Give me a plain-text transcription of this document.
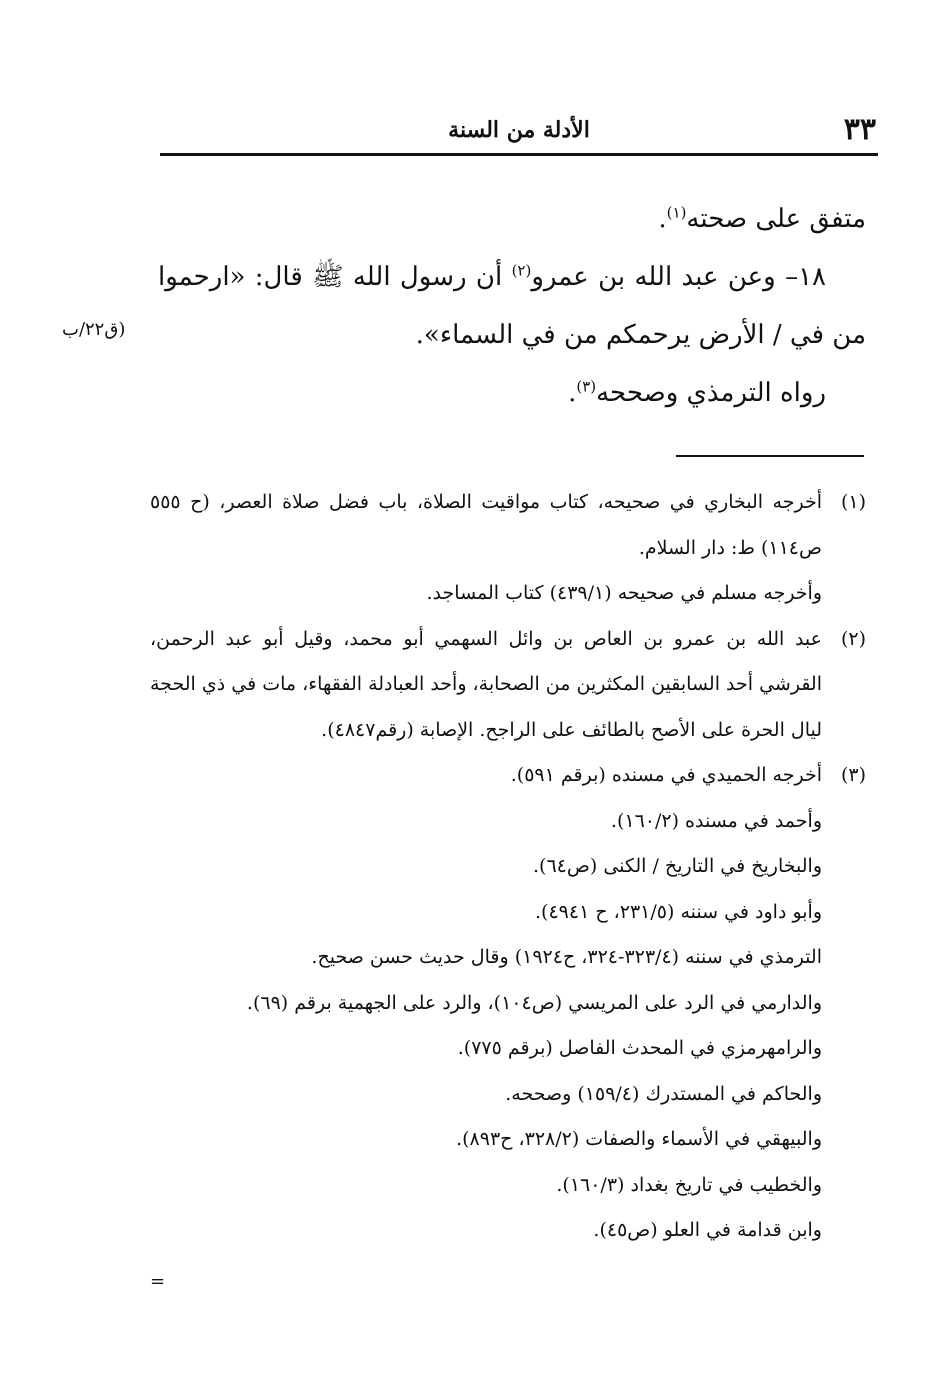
٣٣
الأدلة من السنة

متفق على صحته$^{(١)}$.

١٨– وعن عبد الله بن عمرو$^{(٢)}$ أن رسول الله ﷺ قال: «ارحموا من في / الأرض يرحمكم من في السماء».

رواه الترمذي وصححه$^{(٣)}$.

(ق٢٢/ب
(١)

أخرجه البخاري في صحيحه، كتاب مواقيت الصلاة، باب فضل صلاة العصر، (ح ٥٥٥ ص١١٤) ط: دار السلام.

وأخرجه مسلم في صحيحه (٤٣٩/١) كتاب المساجد.

(٢)

عبد الله بن عمرو بن العاص بن وائل السهمي أبو محمد، وقيل أبو عبد الرحمن، القرشي أحد السابقين المكثرين من الصحابة، وأحد العبادلة الفقهاء، مات في ذي الحجة ليال الحرة على الأصح بالطائف على الراجح. الإصابة (رقم٤٨٤٧).

(٣)

أخرجه الحميدي في مسنده (برقم ٥٩١).

وأحمد في مسنده (١٦٠/٢).

والبخاريخ في التاريخ / الكنى (ص٦٤).

وأبو داود في سننه (٢٣١/٥، ح ٤٩٤١).

الترمذي في سننه (٣٢٣/٤-٣٢٤، ح١٩٢٤) وقال حديث حسن صحيح.

والدارمي في الرد على المريسي (ص١٠٤)، والرد على الجهمية برقم (٦٩).

والرامهرمزي في المحدث الفاصل (برقم ٧٧٥).

والحاكم في المستدرك (١٥٩/٤) وصححه.

والبيهقي في الأسماء والصفات (٣٢٨/٢، ح٨٩٣).

والخطيب في تاريخ بغداد (١٦٠/٣).

وابن قدامة في العلو (ص٤٥).

=
